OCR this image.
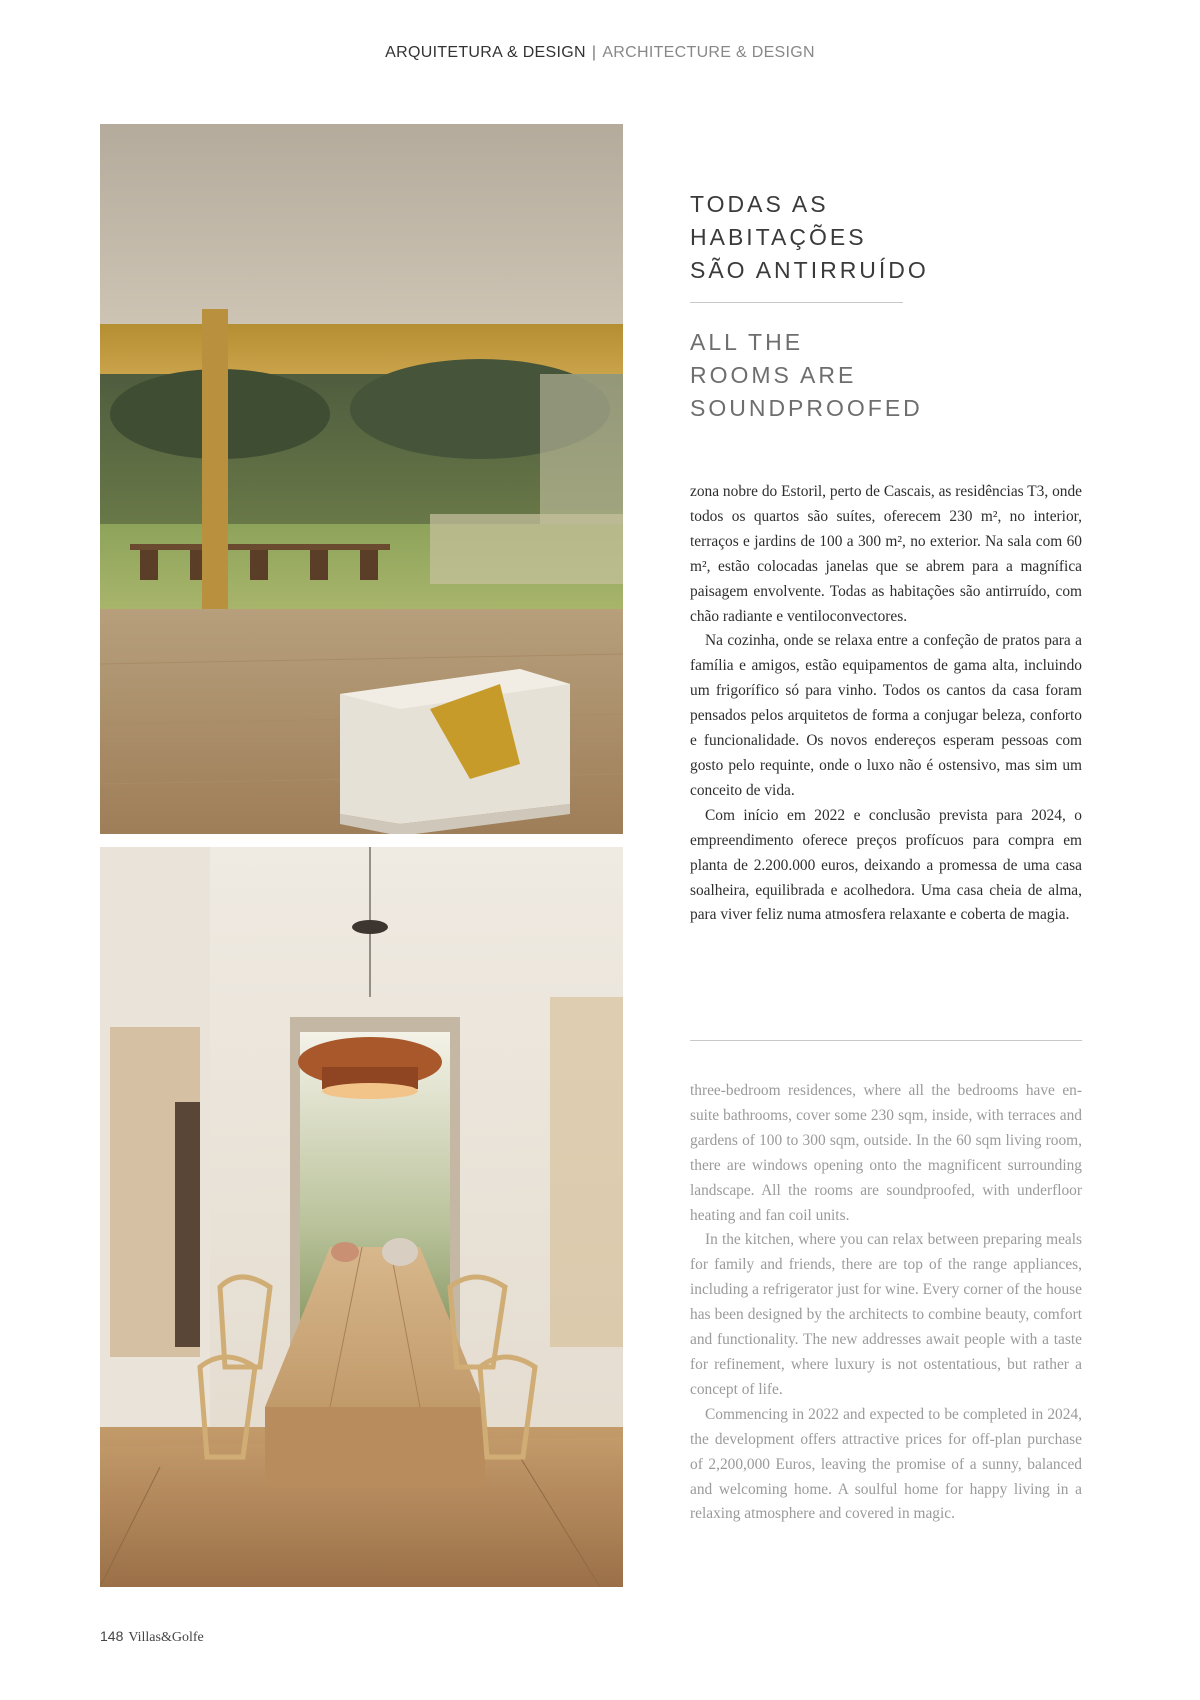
ARQUITETURA & DESIGN | ARCHITECTURE & DESIGN
TODAS AS
HABITAÇÕES
SÃO ANTIRRUÍDO
ALL THE
ROOMS ARE
SOUNDPROOFED

zona nobre do Estoril, perto de Cascais, as residências T3, onde todos os quartos são suítes, oferecem 230 m², no interior, terraços e jardins de 100 a 300 m², no exterior. Na sala com 60 m², estão colocadas janelas que se abrem para a magnífica paisagem envolvente. Todas as habitações são antirruído, com chão radiante e ventiloconvectores.

Na cozinha, onde se relaxa entre a confeção de pratos para a família e amigos, estão equipamentos de gama alta, incluindo um frigorífico só para vinho. Todos os cantos da casa foram pensados pelos arquitetos de forma a conjugar beleza, conforto e funcionalidade. Os novos endereços esperam pessoas com gosto pelo requinte, onde o luxo não é ostensivo, mas sim um conceito de vida.

Com início em 2022 e conclusão prevista para 2024, o empreendimento oferece preços profícuos para compra em planta de 2.200.000 euros, deixando a promessa de uma casa soalheira, equilibrada e acolhedora. Uma casa cheia de alma, para viver feliz numa atmosfera relaxante e coberta de magia.

three-bedroom residences, where all the bedrooms have en-suite bathrooms, cover some 230 sqm, inside, with terraces and gardens of 100 to 300 sqm, outside. In the 60 sqm living room, there are windows opening onto the magnificent surrounding landscape. All the rooms are soundproofed, with underfloor heating and fan coil units.

In the kitchen, where you can relax between preparing meals for family and friends, there are top of the range appliances, including a refrigerator just for wine. Every corner of the house has been designed by the architects to combine beauty, comfort and functionality. The new addresses await people with a taste for refinement, where luxury is not ostentatious, but rather a concept of life.

Commencing in 2022 and expected to be completed in 2024, the development offers attractive prices for off-plan purchase of 2,200,000 Euros, leaving the promise of a sunny, balanced and welcoming home. A soulful home for happy living in a relaxing atmosphere and covered in magic.

148 Villas&Golfe
